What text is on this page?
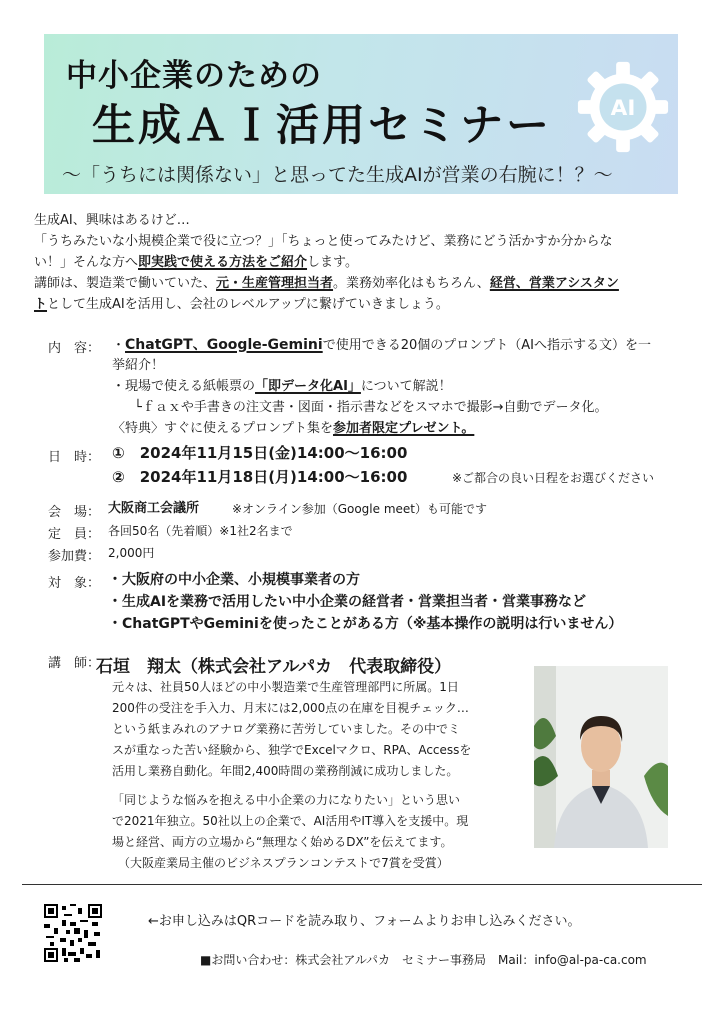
中小企業のための
生成ＡＩ活用セミナー	AI
〜「うちには関係ない」と思ってた生成AIが営業の右腕に！？〜
生成AI、興味はあるけど…
「うちみたいな小規模企業で役に立つ？」「ちょっと使ってみたけど、業務にどう活かすか分からな
い！」そんな方へ即実践で使える方法をご紹介します。
講師は、製造業で働いていた、元・生産管理担当者。業務効率化はもちろん、経営、営業アシスタン
トとして生成AIを活用し、会社のレベルアップに繋げていきましょう。
内　容： ・ChatGPT、Google-Geminiで使用できる20個のプロンプト（AIへ指示する文）を一
挙紹介！
・現場で使える紙帳票の「即データ化AI」について解説！
└ｆａｘや手書きの注文書・図面・指示書などをスマホで撮影→自動でデータ化。
〈特典〉すぐに使えるプロンプト集を参加者限定プレゼント。
日　時： ①　2024年11月15日(金)14:00〜16:00
②　2024年11月18日(月)14:00〜16:00	※ご都合の良い日程をお選びください
会　場： 大阪商工会議所	※オンライン参加（Google meet）も可能です
定　員： 各回50名（先着順）※1社2名まで
参加費： 2,000円
対　象： ・大阪府の中小企業、小規模事業者の方
・生成AIを業務で活用したい中小企業の経営者・営業担当者・営業事務など
・ChatGPTやGeminiを使ったことがある方（※基本操作の説明は行いません）
講　師：
石垣　翔太（株式会社アルパカ　代表取締役）
元々は、社員50人ほどの中小製造業で生産管理部門に所属。1日
200件の受注を手入力、月末には2,000点の在庫を目視チェック…
という紙まみれのアナログ業務に苦労していました。その中でミ
スが重なった苦い経験から、独学でExcelマクロ、RPA、Accessを
活用し業務自動化。年間2,400時間の業務削減に成功しました。
「同じような悩みを抱える中小企業の力になりたい」という思い
で2021年独立。50社以上の企業で、AI活用やIT導入を支援中。現
場と経営、両方の立場から“無理なく始めるDX”を伝えてます。
（大阪産業局主催のビジネスプランコンテストで7賞を受賞）
←お申し込みはQRコードを読み取り、フォームよりお申し込みください。
■お問い合わせ：株式会社アルパカ　セミナー事務局　Mail：info@al-pa-ca.com
